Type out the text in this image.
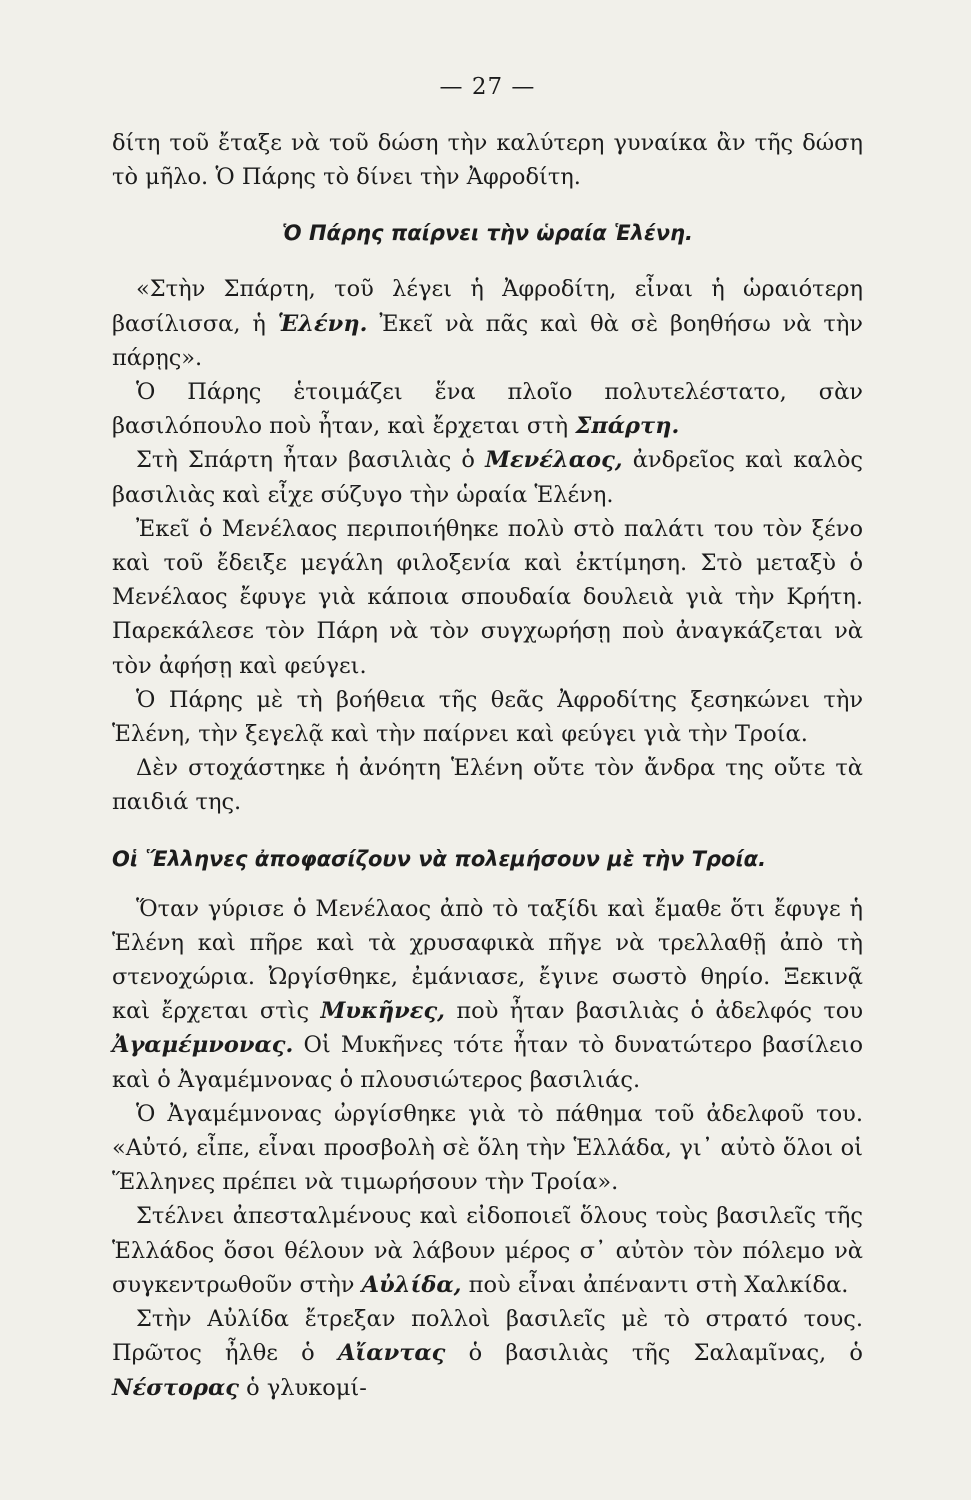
— 27 —

δίτη τοῦ ἔταξε νὰ τοῦ δώση τὴν καλύτερη γυναίκα ἂν τῆς δώση τὸ μῆλο. Ὁ Πάρης τὸ δίνει τὴν Ἀφροδίτη.

Ὁ Πάρης παίρνει τὴν ὡραία Ἑλένη.

«Στὴν Σπάρτη, τοῦ λέγει ἡ Ἀφροδίτη, εἶναι ἡ ὡραιότερη βασίλισσα, ἡ Ἑλένη. Ἐκεῖ νὰ πᾶς καὶ θὰ σὲ βοηθήσω νὰ τὴν πάρῃς».

Ὁ Πάρης ἑτοιμάζει ἕνα πλοῖο πολυτελέστατο, σὰν βασιλόπουλο ποὺ ἦταν, καὶ ἔρχεται στὴ Σπάρτη.

Στὴ Σπάρτη ἦταν βασιλιὰς ὁ Μενέλαος, ἀνδρεῖος καὶ καλὸς βασιλιὰς καὶ εἶχε σύζυγο τὴν ὡραία Ἑλένη.

Ἐκεῖ ὁ Μενέλαος περιποιήθηκε πολὺ στὸ παλάτι του τὸν ξένο καὶ τοῦ ἔδειξε μεγάλη φιλοξενία καὶ ἐκτίμηση. Στὸ μεταξὺ ὁ Μενέλαος ἔφυγε γιὰ κάποια σπουδαία δουλειὰ γιὰ τὴν Κρήτη. Παρεκάλεσε τὸν Πάρη νὰ τὸν συγχωρήσῃ ποὺ ἀναγκάζεται νὰ τὸν ἀφήσῃ καὶ φεύγει.

Ὁ Πάρης μὲ τὴ βοήθεια τῆς θεᾶς Ἀφροδίτης ξεσηκώνει τὴν Ἑλένη, τὴν ξεγελᾷ καὶ τὴν παίρνει καὶ φεύγει γιὰ τὴν Τροία.

Δὲν στοχάστηκε ἡ ἀνόητη Ἑλένη οὔτε τὸν ἄνδρα της οὔτε τὰ παιδιά της.

Οἱ Ἕλληνες ἀποφασίζουν νὰ πολεμήσουν μὲ τὴν Τροία.

Ὅταν γύρισε ὁ Μενέλαος ἀπὸ τὸ ταξίδι καὶ ἔμαθε ὅτι ἔφυγε ἡ Ἑλένη καὶ πῆρε καὶ τὰ χρυσαφικὰ πῆγε νὰ τρελλαθῇ ἀπὸ τὴ στενοχώρια. Ὠργίσθηκε, ἐμάνιασε, ἔγινε σωστὸ θηρίο. Ξεκινᾷ καὶ ἔρχεται στὶς Μυκῆνες, ποὺ ἦταν βασιλιὰς ὁ ἀδελφός του Ἀγαμέμνονας. Οἱ Μυκῆνες τότε ἦταν τὸ δυνατώτερο βασίλειο καὶ ὁ Ἀγαμέμνονας ὁ πλουσιώτερος βασιλιάς.

Ὁ Ἀγαμέμνονας ὠργίσθηκε γιὰ τὸ πάθημα τοῦ ἀδελφοῦ του. «Αὐτό, εἶπε, εἶναι προσβολὴ σὲ ὅλη τὴν Ἑλλάδα, γι᾿ αὐτὸ ὅλοι οἱ Ἕλληνες πρέπει νὰ τιμωρήσουν τὴν Τροία».

Στέλνει ἀπεσταλμένους καὶ εἰδοποιεῖ ὅλους τοὺς βασιλεῖς τῆς Ἑλλάδος ὅσοι θέλουν νὰ λάβουν μέρος σ᾿ αὐτὸν τὸν πόλεμο νὰ συγκεντρωθοῦν στὴν Αὐλίδα, ποὺ εἶναι ἀπέναντι στὴ Χαλκίδα.

Στὴν Αὐλίδα ἔτρεξαν πολλοὶ βασιλεῖς μὲ τὸ στρατό τους. Πρῶτος ἦλθε ὁ Αἴαντας ὁ βασιλιὰς τῆς Σαλαμῖνας, ὁ Νέστορας ὁ γλυκομί-
